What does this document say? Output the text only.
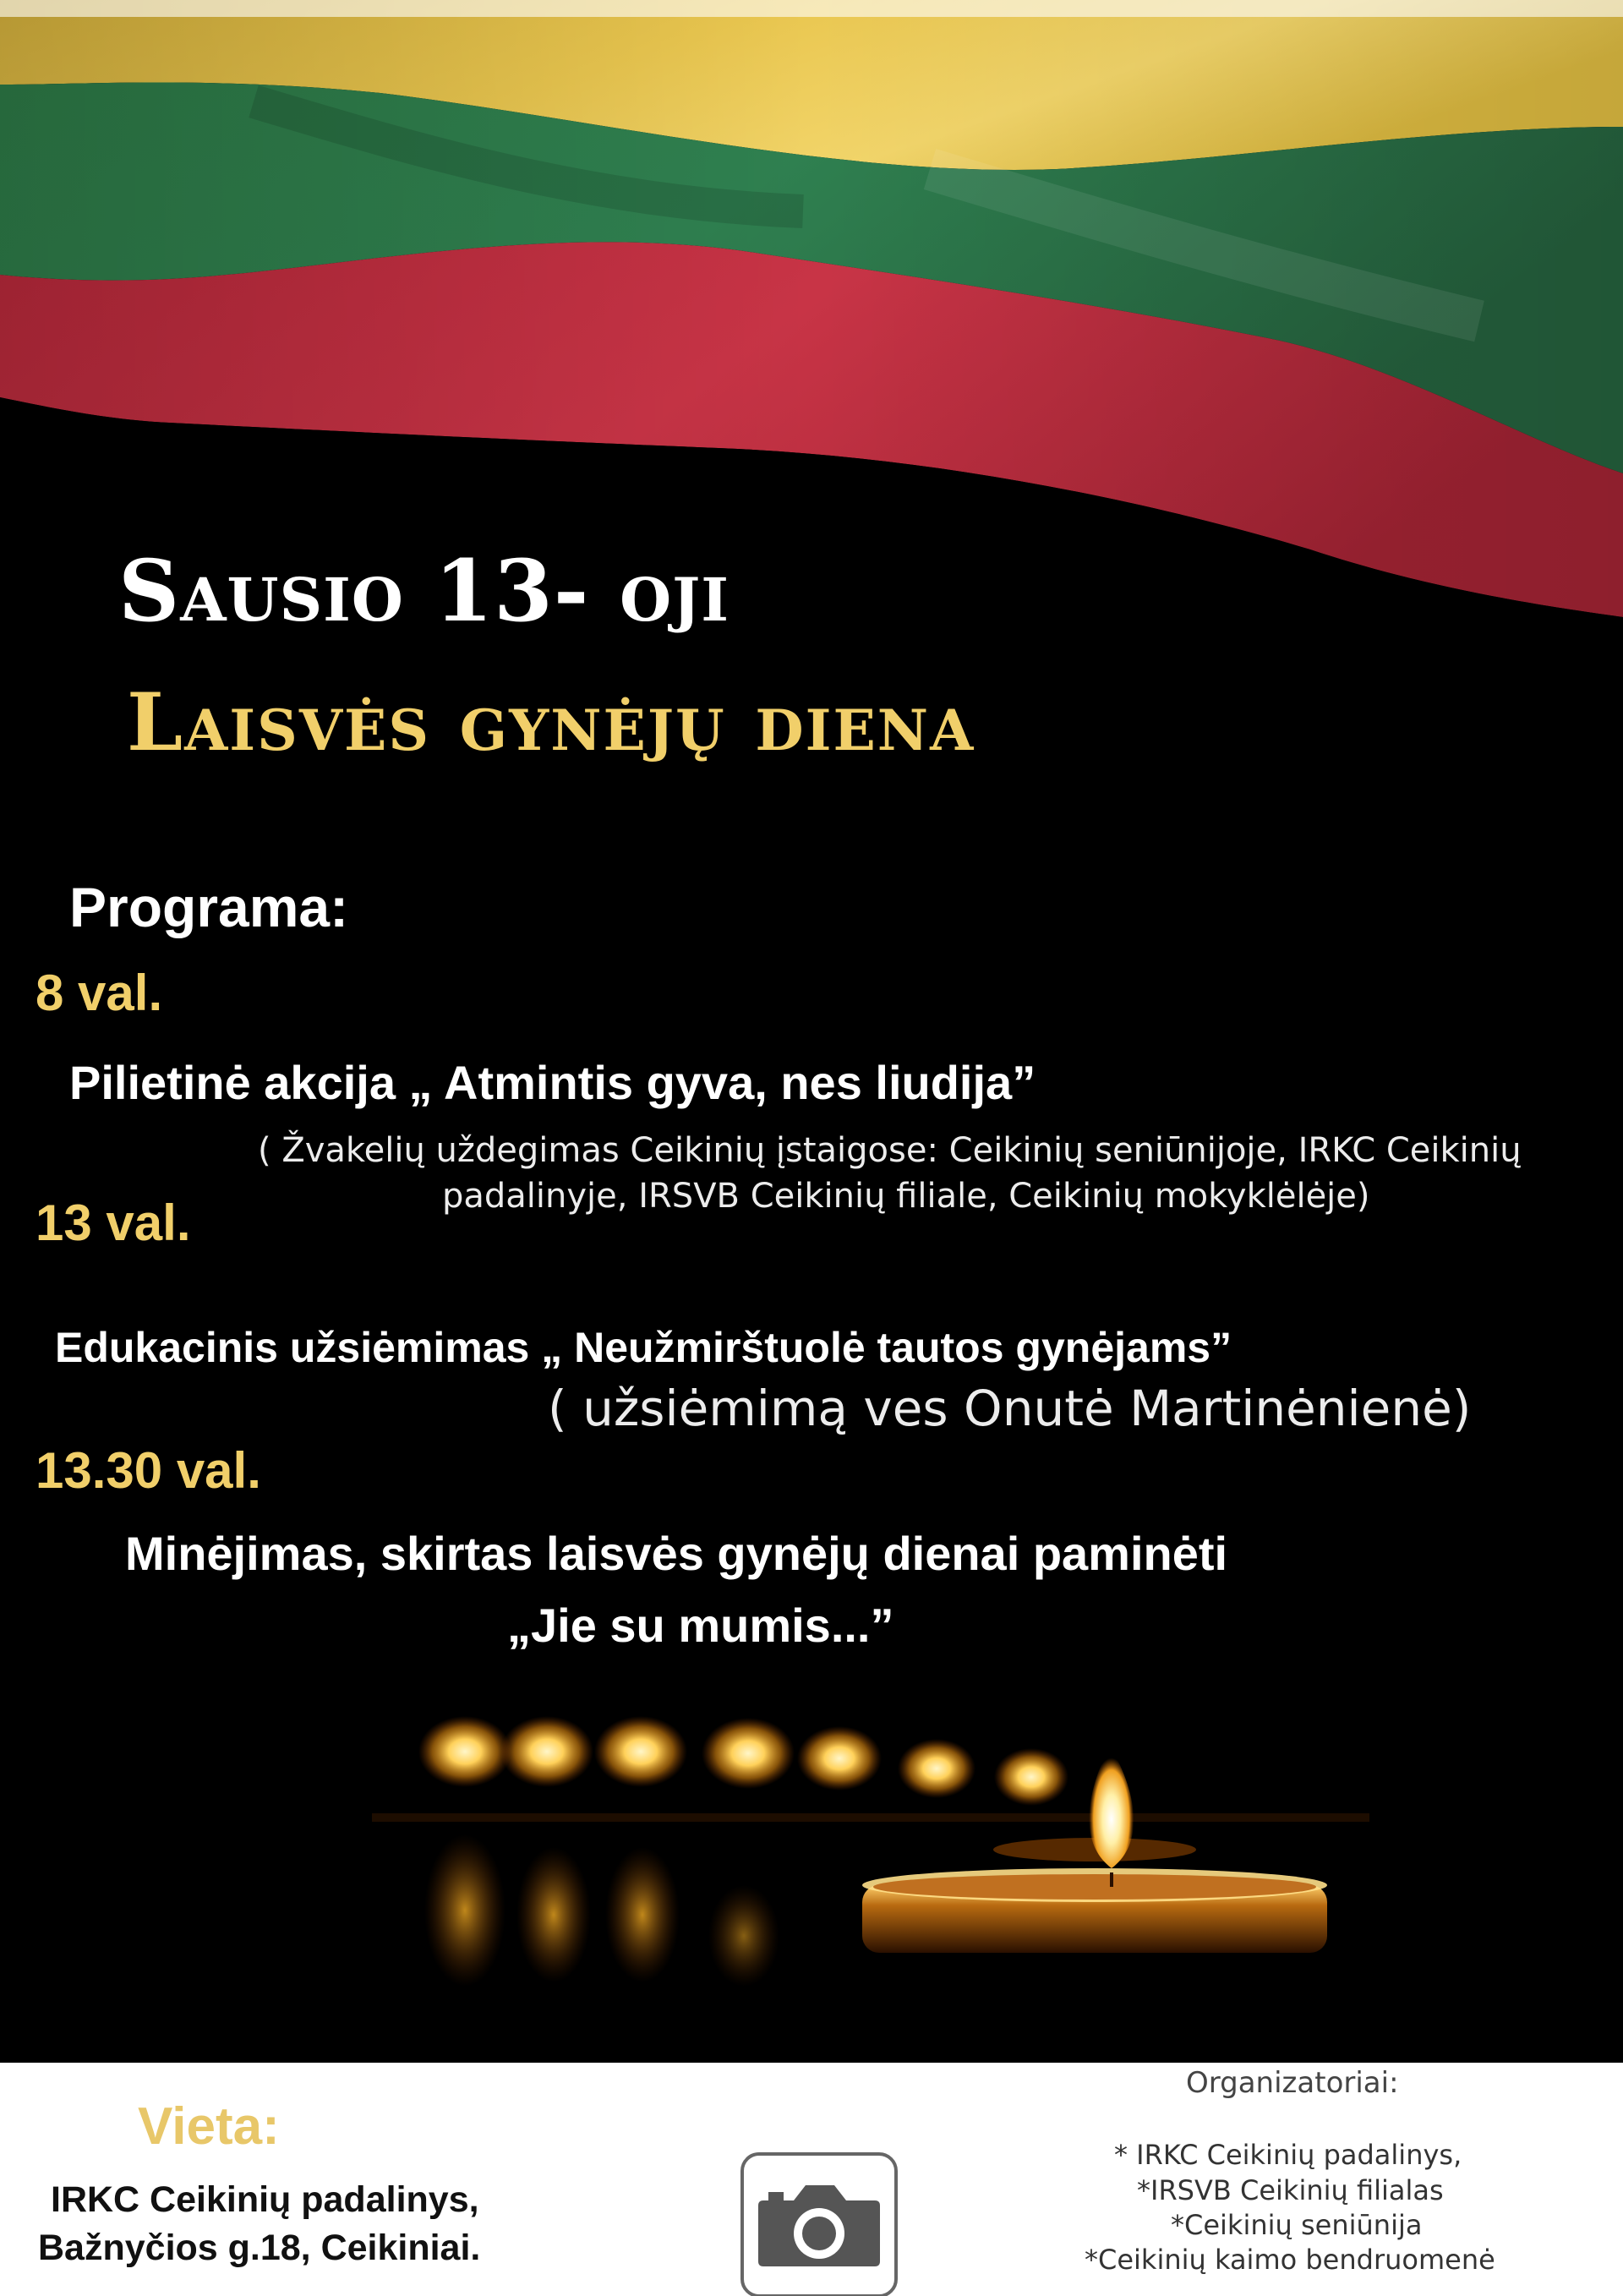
Sausio 13- oji
Laisvės gynėjų diena
Programa:
8 val.
Pilietinė akcija „ Atmintis gyva, nes liudija”
( Žvakelių uždegimas Ceikinių įstaigose: Ceikinių seniūnijoje, IRKC Ceikinių
padalinyje, IRSVB Ceikinių filiale, Ceikinių mokyklėlėje)
13 val.
Edukacinis užsiėmimas „ Neužmirštuolė tautos gynėjams”
( užsiėmimą ves Onutė Martinėnienė)
13.30 val.
Minėjimas, skirtas laisvės gynėjų dienai paminėti
„Jie su mumis...”
Vieta:
IRKC Ceikinių padalinys,
Bažnyčios g.18, Ceikiniai.
Organizatoriai:
* IRKC Ceikinių padalinys,
*IRSVB Ceikinių filialas
*Ceikinių seniūnija
*Ceikinių kaimo bendruomenė
